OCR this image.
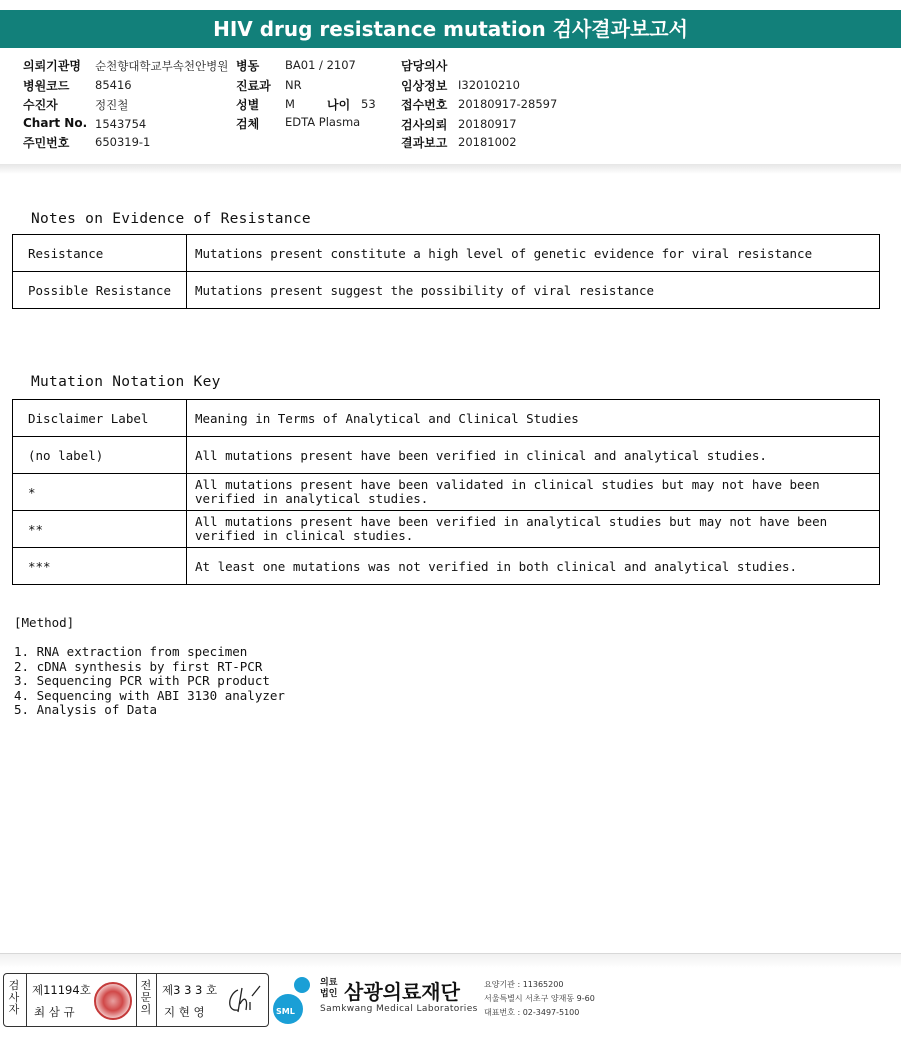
HIV drug resistance mutation 검사결과보고서
의뢰기관명 순천향대학교부속천안병원
병원코드 85416
수진자	정진철
Chart No. 1543754
주민번호 650319-1
병동 BA01 / 2107
진료과 NR
성별 M	나이 53
검체 EDTA Plasma
담당의사
임상정보 I32010210
접수번호 20180917-28597
검사의뢰 20180917
결과보고 20181002
Notes on Evidence of Resistance
Resistance	Mutations present constitute a high level of genetic evidence for viral resistance
Possible Resistance	Mutations present suggest the possibility of viral resistance
Mutation Notation Key
Disclaimer Label	Meaning in Terms of Analytical and Clinical Studies
(no label)	All mutations present have been verified in clinical and analytical studies.
*	All mutations present have been validated in clinical studies but may not have been verified in analytical studies.
**	All mutations present have been verified in analytical studies but may not have been verified in clinical studies.
***	At least one mutations was not verified in both clinical and analytical studies.
[Method]
1. RNA extraction from specimen
2. cDNA synthesis by first RT-PCR
3. Sequencing PCR with PCR product
4. Sequencing with ABI 3130 analyzer
5. Analysis of Data
검사자
제11194호
최 삼 규
전문의
제3 3 3 호
지 현 영	SML
의료
법인 삼광의료재단
Samkwang Medical Laboratories
요양기관 : 11365200
서울특별시 서초구 양재동 9-60
대표번호 : 02-3497-5100
